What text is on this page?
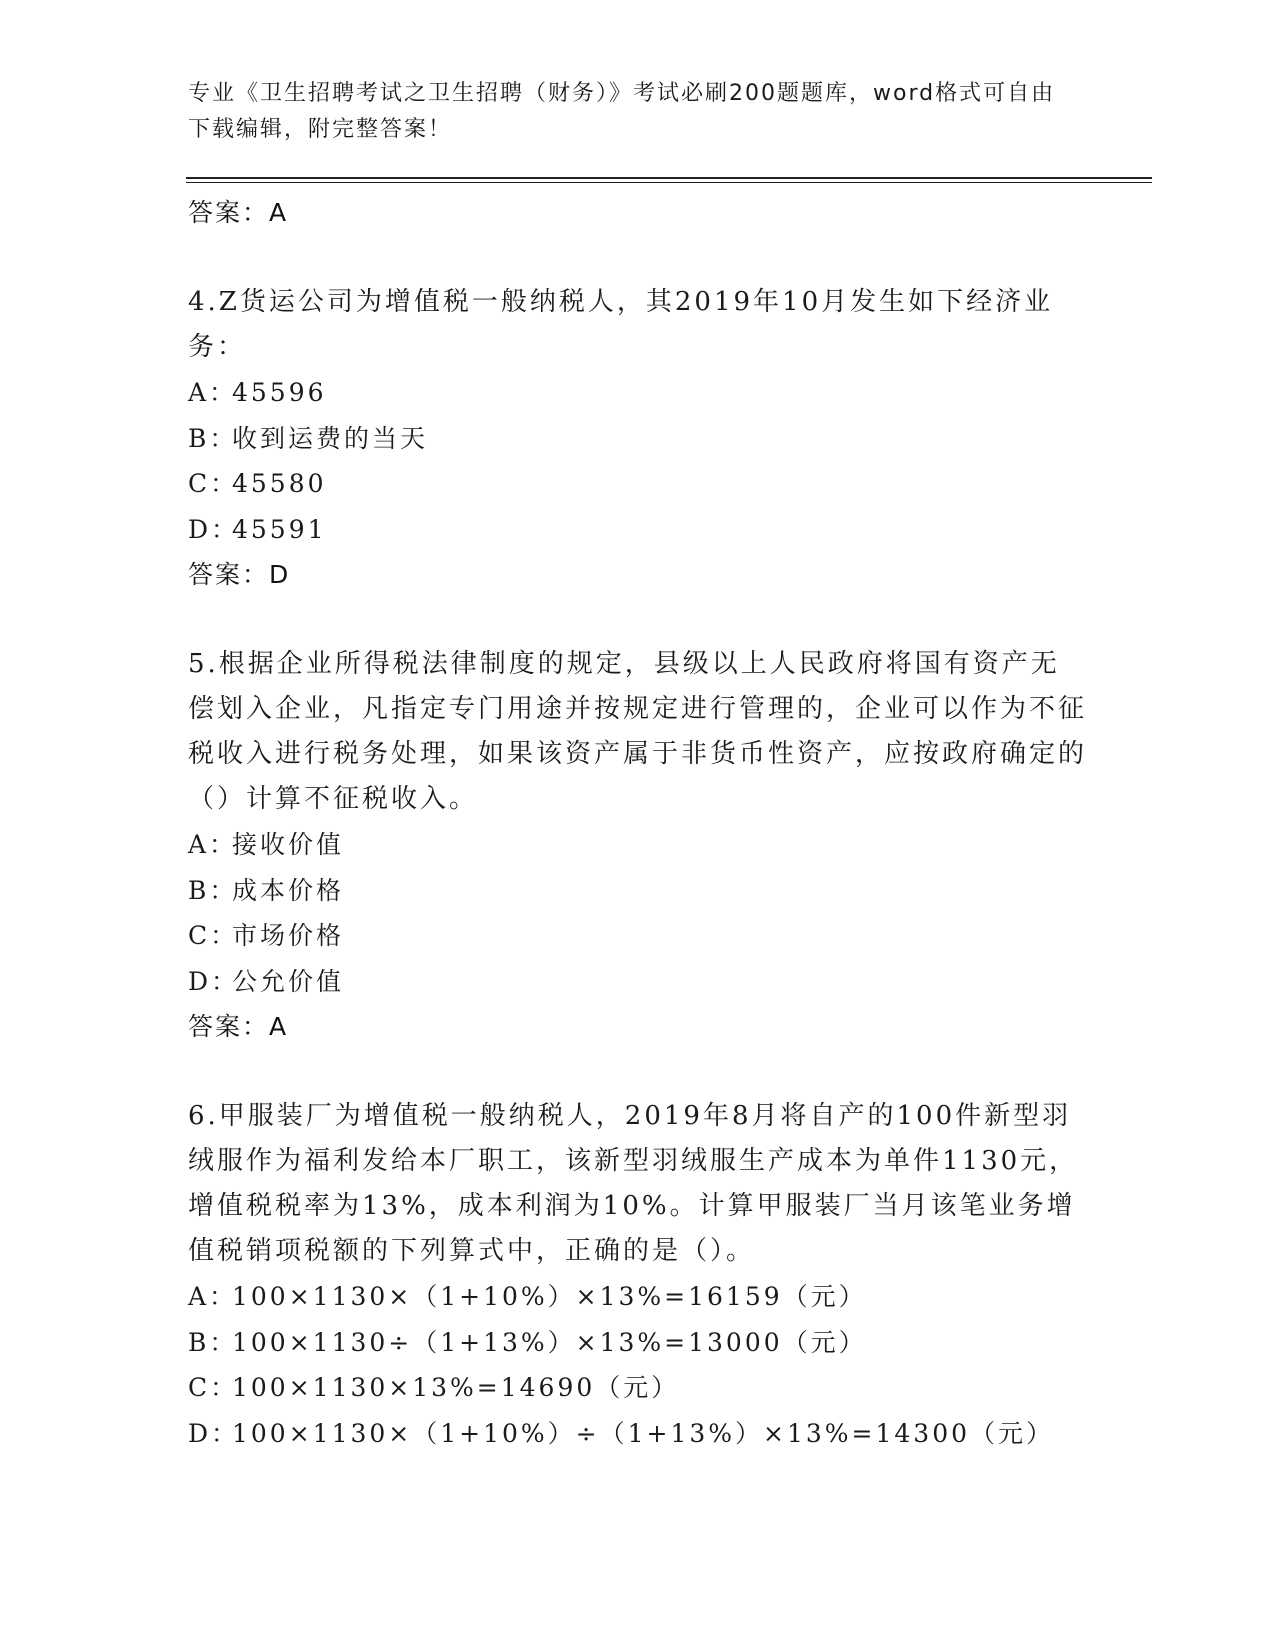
专业《卫生招聘考试之卫生招聘（财务）》考试必刷200题题库，word格式可自由下载编辑，附完整答案！

答案：A

4.Z货运公司为增值税一般纳税人，其2019年10月发生如下经济业务：

A：45596

B：收到运费的当天

C：45580

D：45591

答案：D

5.根据企业所得税法律制度的规定，县级以上人民政府将国有资产无偿划入企业，凡指定专门用途并按规定进行管理的，企业可以作为不征税收入进行税务处理，如果该资产属于非货币性资产，应按政府确定的（）计算不征税收入。

A：接收价值

B：成本价格

C：市场价格

D：公允价值

答案：A

6.甲服装厂为增值税一般纳税人，2019年8月将自产的100件新型羽绒服作为福利发给本厂职工，该新型羽绒服生产成本为单件1130元，增值税税率为13%，成本利润为10%。计算甲服装厂当月该笔业务增值税销项税额的下列算式中，正确的是（）。

A：100×1130×（1+10%）×13%=16159（元）

B：100×1130÷（1+13%）×13%=13000（元）

C：100×1130×13%=14690（元）

D：100×1130×（1+10%）÷（1+13%）×13%=14300（元）
